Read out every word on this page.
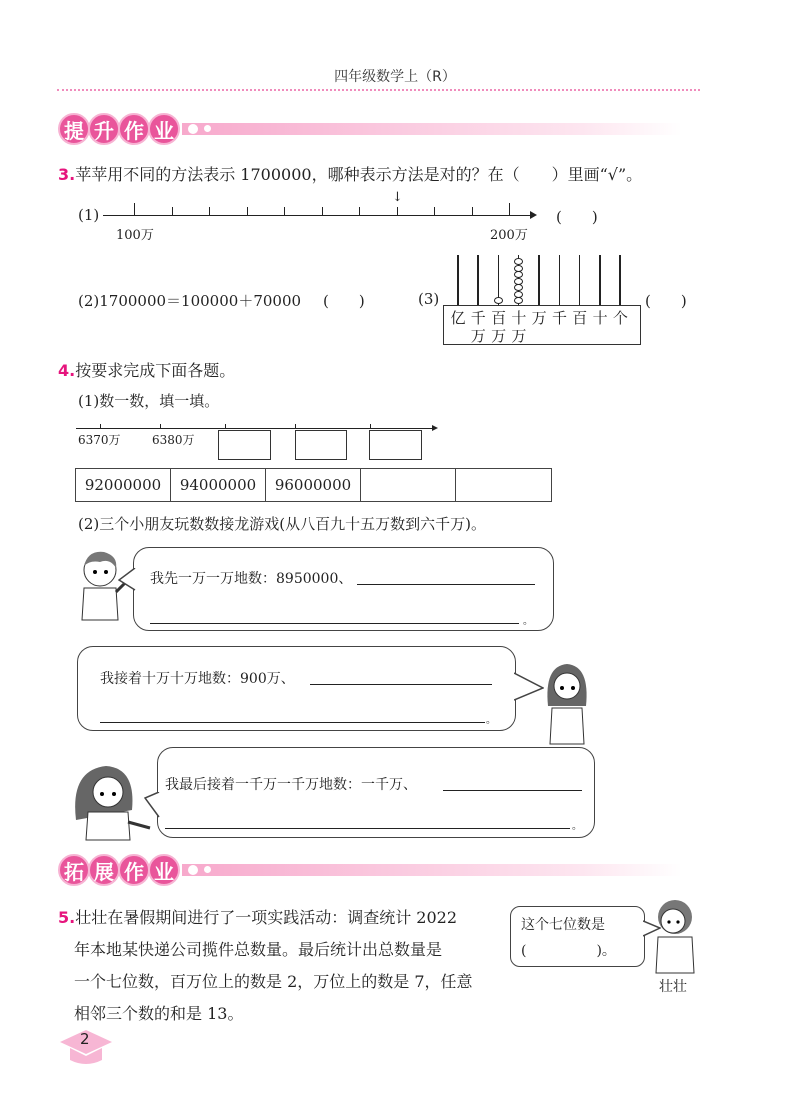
四年级数学上（R）
提 升 作 业
3.苹苹用不同的方法表示 1700000，哪种表示方法是对的？在（　　）里画“√”。
(1)
↓
100万	200万
(　　)
(2)1700000＝100000＋70000 (　　)	(3)
亿 千 百 十 万 千 百 十 个
万 万 万
(　　)
4.按要求完成下面各题。
(1)数一数，填一填。
6370万	6380万
92000000	94000000	96000000
(2)三个小朋友玩数数接龙游戏(从八百九十五万数到六千万)。
我先一万一万地数：8950000、
。
我接着十万十万地数：900万、
。
我最后接着一千万一千万地数：一千万、
。
拓 展 作 业
5.壮壮在暑假期间进行了一项实践活动：调查统计 2022
年本地某快递公司揽件总数量。最后统计出总数量是
一个七位数，百万位上的数是 2，万位上的数是 7，任意
相邻三个数的和是 13。
这个七位数是
(　　　　　)。
壮壮
2
